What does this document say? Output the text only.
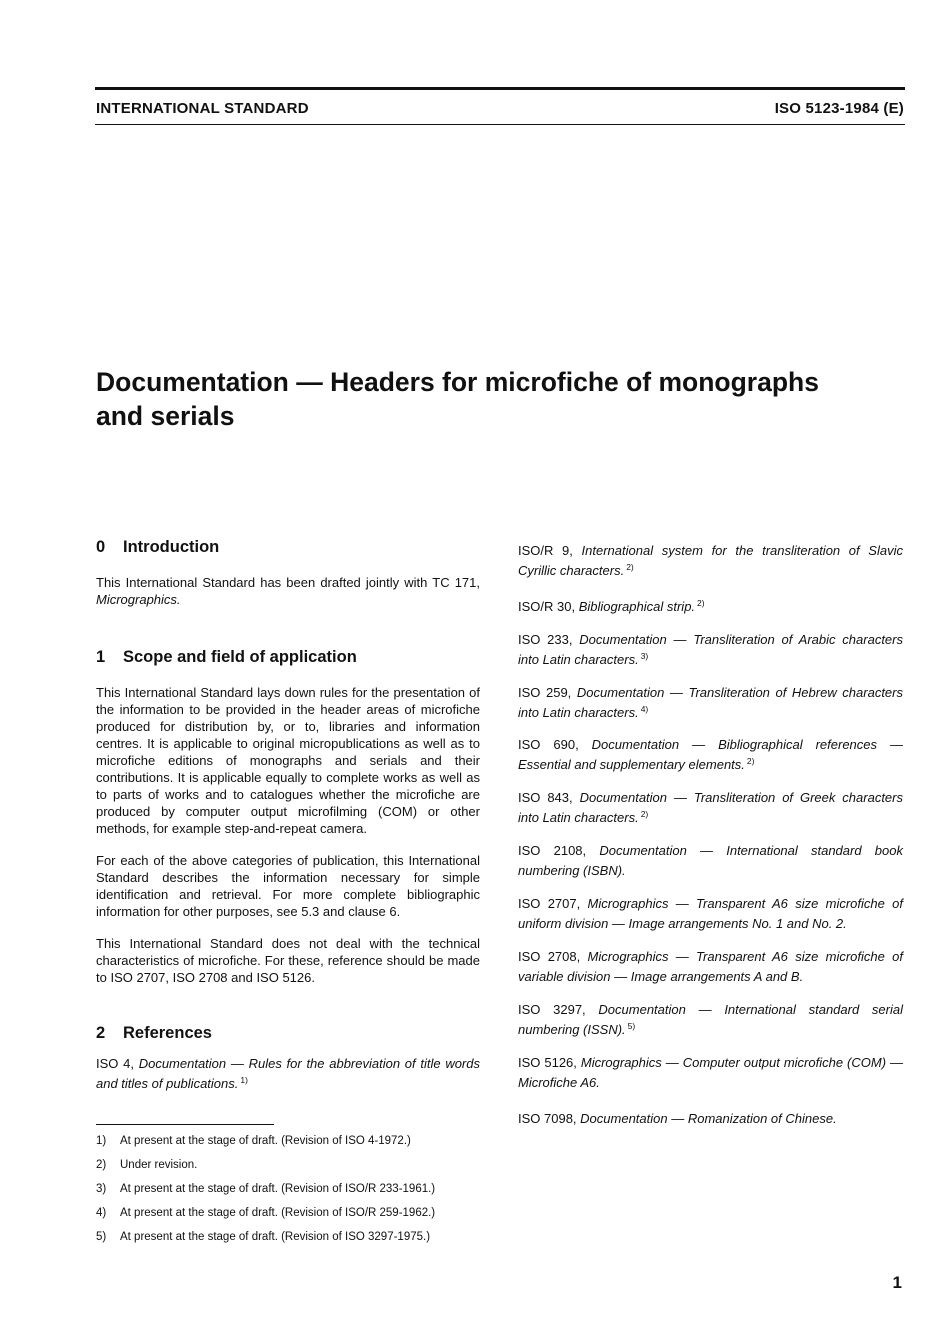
INTERNATIONAL STANDARD	ISO 5123-1984 (E)
Documentation — Headers for microfiche of monographs
and serials
0 Introduction

This International Standard has been drafted jointly with TC 171, Micrographics.

1 Scope and field of application

This International Standard lays down rules for the presentation of the information to be provided in the header areas of microfiche produced for distribution by, or to, libraries and information centres. It is applicable to original micropublications as well as to microfiche editions of monographs and serials and their contributions. It is applicable equally to complete works as well as to parts of works and to catalogues whether the microfiche are produced by computer output microfilming (COM) or other methods, for example step-and-repeat camera.

For each of the above categories of publication, this International Standard describes the information necessary for simple identification and retrieval. For more complete bibliographic information for other purposes, see 5.3 and clause 6.

This International Standard does not deal with the technical characteristics of microfiche. For these, reference should be made to ISO 2707, ISO 2708 and ISO 5126.

2 References

ISO 4, Documentation — Rules for the abbreviation of title words and titles of publications. $^{1)}$

ISO/R 9, International system for the transliteration of Slavic Cyrillic characters. $^{2)}$

ISO/R 30, Bibliographical strip. $^{2)}$

ISO 233, Documentation — Transliteration of Arabic characters into Latin characters. $^{3)}$

ISO 259, Documentation — Transliteration of Hebrew characters into Latin characters. $^{4)}$

ISO 690, Documentation — Bibliographical references — Essential and supplementary elements. $^{2)}$

ISO 843, Documentation — Transliteration of Greek characters into Latin characters. $^{2)}$

ISO 2108, Documentation — International standard book numbering (ISBN).

ISO 2707, Micrographics — Transparent A6 size microfiche of uniform division — Image arrangements No. 1 and No. 2.

ISO 2708, Micrographics — Transparent A6 size microfiche of variable division — Image arrangements A and B.

ISO 3297, Documentation — International standard serial numbering (ISSN). $^{5)}$

ISO 5126, Micrographics — Computer output microfiche (COM) — Microfiche A6.

ISO 7098, Documentation — Romanization of Chinese.

1) At present at the stage of draft. (Revision of ISO 4-1972.)
2) Under revision.
3) At present at the stage of draft. (Revision of ISO/R 233-1961.)
4) At present at the stage of draft. (Revision of ISO/R 259-1962.)
5) At present at the stage of draft. (Revision of ISO 3297-1975.)
1
